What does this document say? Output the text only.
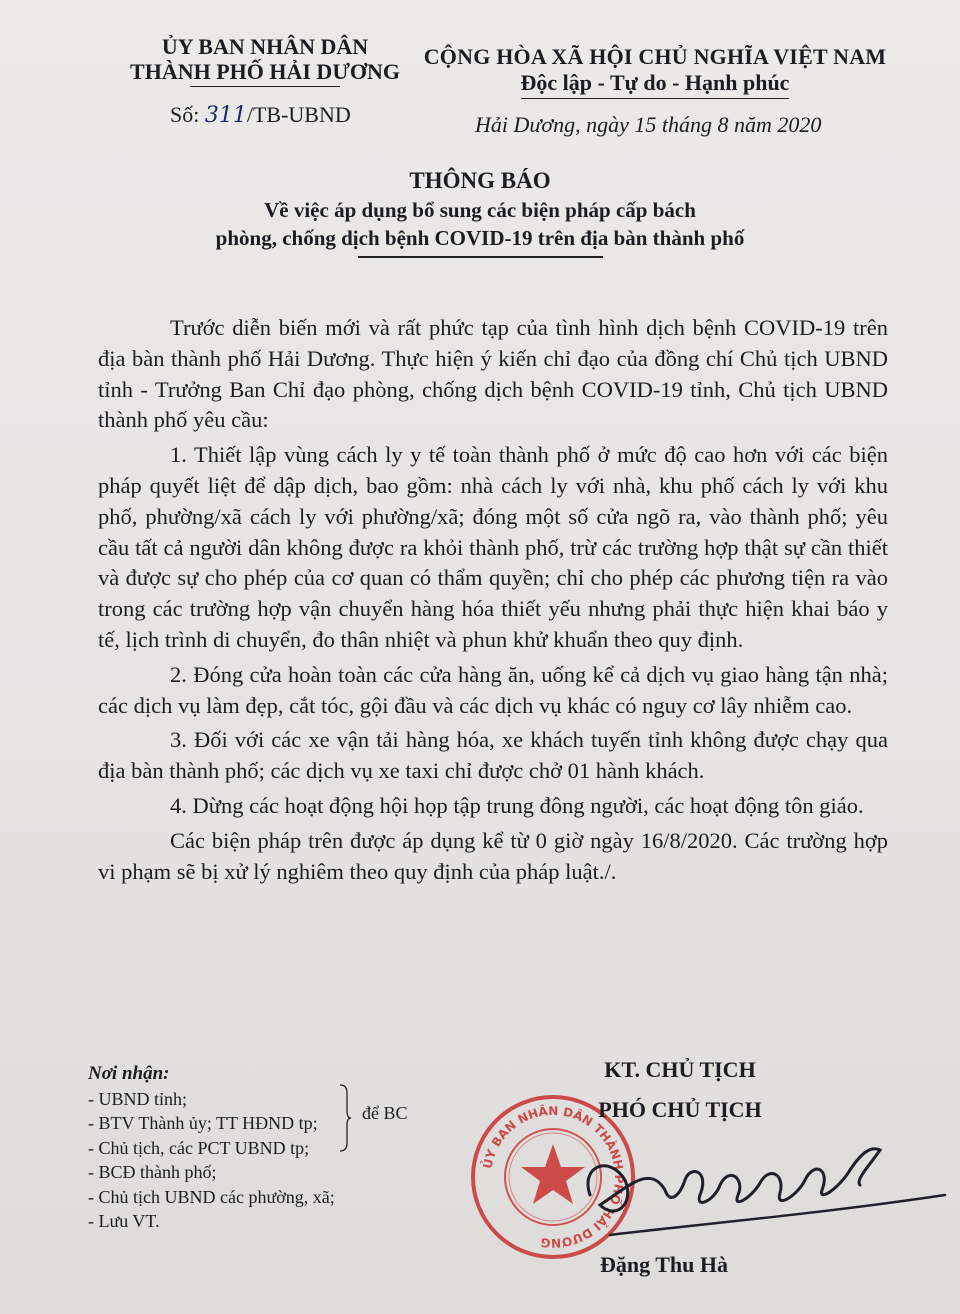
ỦY BAN NHÂN DÂN
THÀNH PHỐ HẢI DƯƠNG
Số: 311/TB-UBND
CỘNG HÒA XÃ HỘI CHỦ NGHĨA VIỆT NAM
Độc lập - Tự do - Hạnh phúc
Hải Dương, ngày 15 tháng 8 năm 2020
THÔNG BÁO
Về việc áp dụng bổ sung các biện pháp cấp bách
phòng, chống dịch bệnh COVID-19 trên địa bàn thành phố

Trước diễn biến mới và rất phức tạp của tình hình dịch bệnh COVID-19 trên địa bàn thành phố Hải Dương. Thực hiện ý kiến chỉ đạo của đồng chí Chủ tịch UBND tỉnh - Trưởng Ban Chỉ đạo phòng, chống dịch bệnh COVID-19 tỉnh, Chủ tịch UBND thành phố yêu cầu:

1. Thiết lập vùng cách ly y tế toàn thành phố ở mức độ cao hơn với các biện pháp quyết liệt để dập dịch, bao gồm: nhà cách ly với nhà, khu phố cách ly với khu phố, phường/xã cách ly với phường/xã; đóng một số cửa ngõ ra, vào thành phố; yêu cầu tất cả người dân không được ra khỏi thành phố, trừ các trường hợp thật sự cần thiết và được sự cho phép của cơ quan có thẩm quyền; chỉ cho phép các phương tiện ra vào trong các trường hợp vận chuyển hàng hóa thiết yếu nhưng phải thực hiện khai báo y tế, lịch trình di chuyển, đo thân nhiệt và phun khử khuẩn theo quy định.

2. Đóng cửa hoàn toàn các cửa hàng ăn, uống kể cả dịch vụ giao hàng tận nhà; các dịch vụ làm đẹp, cắt tóc, gội đầu và các dịch vụ khác có nguy cơ lây nhiễm cao.

3. Đối với các xe vận tải hàng hóa, xe khách tuyến tỉnh không được chạy qua địa bàn thành phố; các dịch vụ xe taxi chỉ được chở 01 hành khách.

4. Dừng các hoạt động hội họp tập trung đông người, các hoạt động tôn giáo.

Các biện pháp trên được áp dụng kể từ 0 giờ ngày 16/8/2020. Các trường hợp vi phạm sẽ bị xử lý nghiêm theo quy định của pháp luật./.

Nơi nhận:
- UBND tỉnh;
- BTV Thành ủy; TT HĐND tp;
- Chủ tịch, các PCT UBND tp;
- BCĐ thành phố;
- Chủ tịch UBND các phường, xã;
- Lưu VT.
để BC
ỦY BAN NHÂN DÂN THÀNH PHỐ HẢI DƯƠNG
KT. CHỦ TỊCH
PHÓ CHỦ TỊCH
Đặng Thu Hà
